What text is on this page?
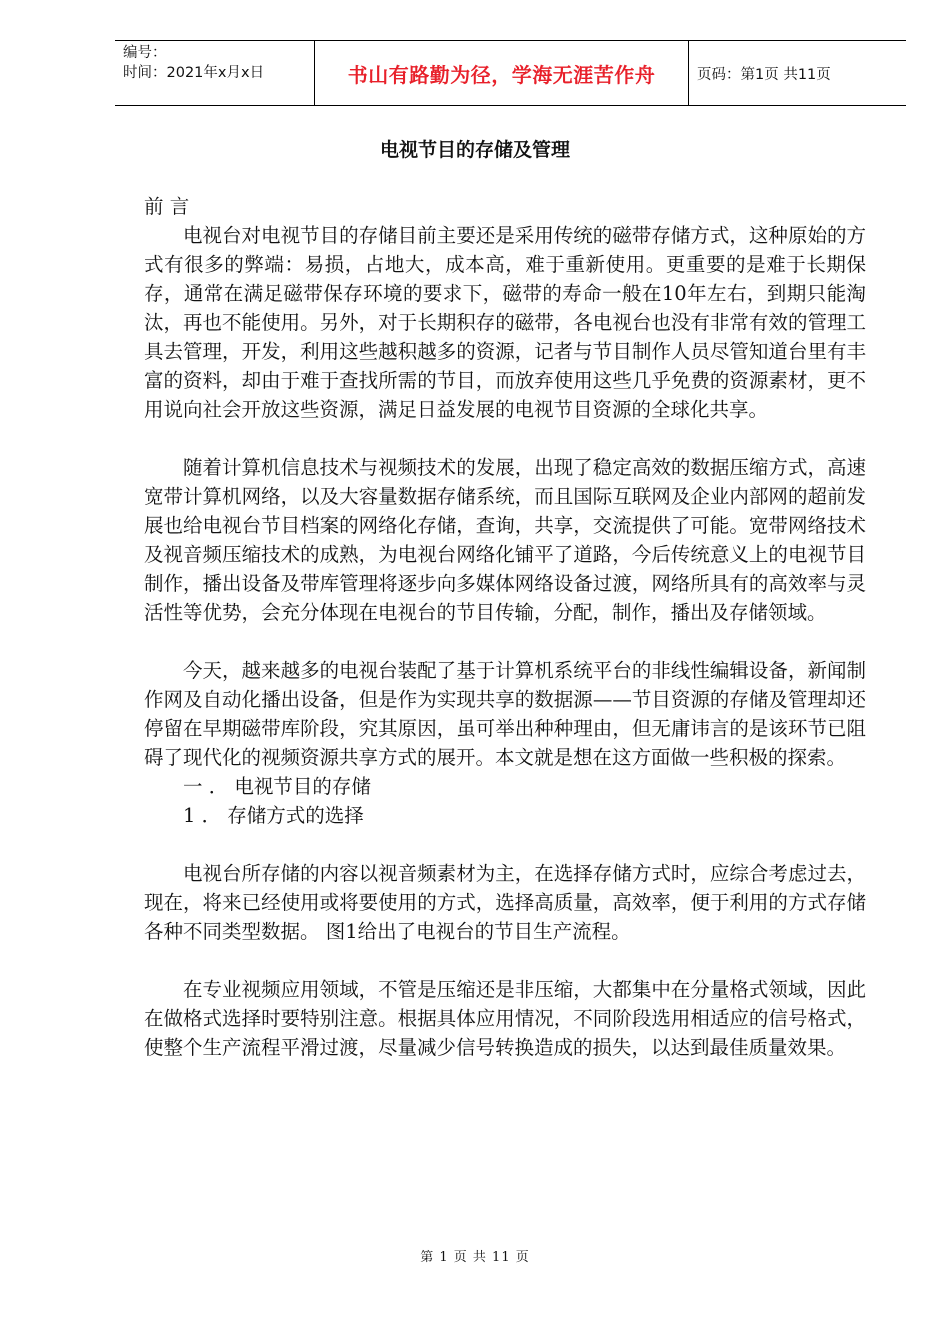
编号：
时间：2021年x月x日	书山有路勤为径，学海无涯苦作舟	页码：第1页 共11页
电视节目的存储及管理

前 言

电视台对电视节目的存储目前主要还是采用传统的磁带存储方式，这种原始的方式有很多的弊端：易损，占地大，成本高，难于重新使用。更重要的是难于长期保存，通常在满足磁带保存环境的要求下，磁带的寿命一般在10年左右，到期只能淘汰，再也不能使用。另外，对于长期积存的磁带，各电视台也没有非常有效的管理工具去管理，开发，利用这些越积越多的资源，记者与节目制作人员尽管知道台里有丰富的资料，却由于难于查找所需的节目，而放弃使用这些几乎免费的资源素材，更不用说向社会开放这些资源，满足日益发展的电视节目资源的全球化共享。

随着计算机信息技术与视频技术的发展，出现了稳定高效的数据压缩方式，高速宽带计算机网络，以及大容量数据存储系统，而且国际互联网及企业内部网的超前发展也给电视台节目档案的网络化存储，查询，共享，交流提供了可能。宽带网络技术及视音频压缩技术的成熟，为电视台网络化铺平了道路，今后传统意义上的电视节目制作，播出设备及带库管理将逐步向多媒体网络设备过渡，网络所具有的高效率与灵活性等优势，会充分体现在电视台的节目传输，分配，制作，播出及存储领域。

今天，越来越多的电视台装配了基于计算机系统平台的非线性编辑设备，新闻制作网及自动化播出设备，但是作为实现共享的数据源——节目资源的存储及管理却还停留在早期磁带库阶段，究其原因，虽可举出种种理由，但无庸讳言的是该环节已阻碍了现代化的视频资源共享方式的展开。本文就是想在这方面做一些积极的探索。

一 ． 电视节目的存储

1 ． 存储方式的选择

电视台所存储的内容以视音频素材为主，在选择存储方式时，应综合考虑过去，现在，将来已经使用或将要使用的方式，选择高质量，高效率，便于利用的方式存储各种不同类型数据。 图1给出了电视台的节目生产流程。

在专业视频应用领域，不管是压缩还是非压缩，大都集中在分量格式领域，因此在做格式选择时要特别注意。根据具体应用情况，不同阶段选用相适应的信号格式，使整个生产流程平滑过渡，尽量减少信号转换造成的损失，以达到最佳质量效果。

第 1 页 共 11 页
